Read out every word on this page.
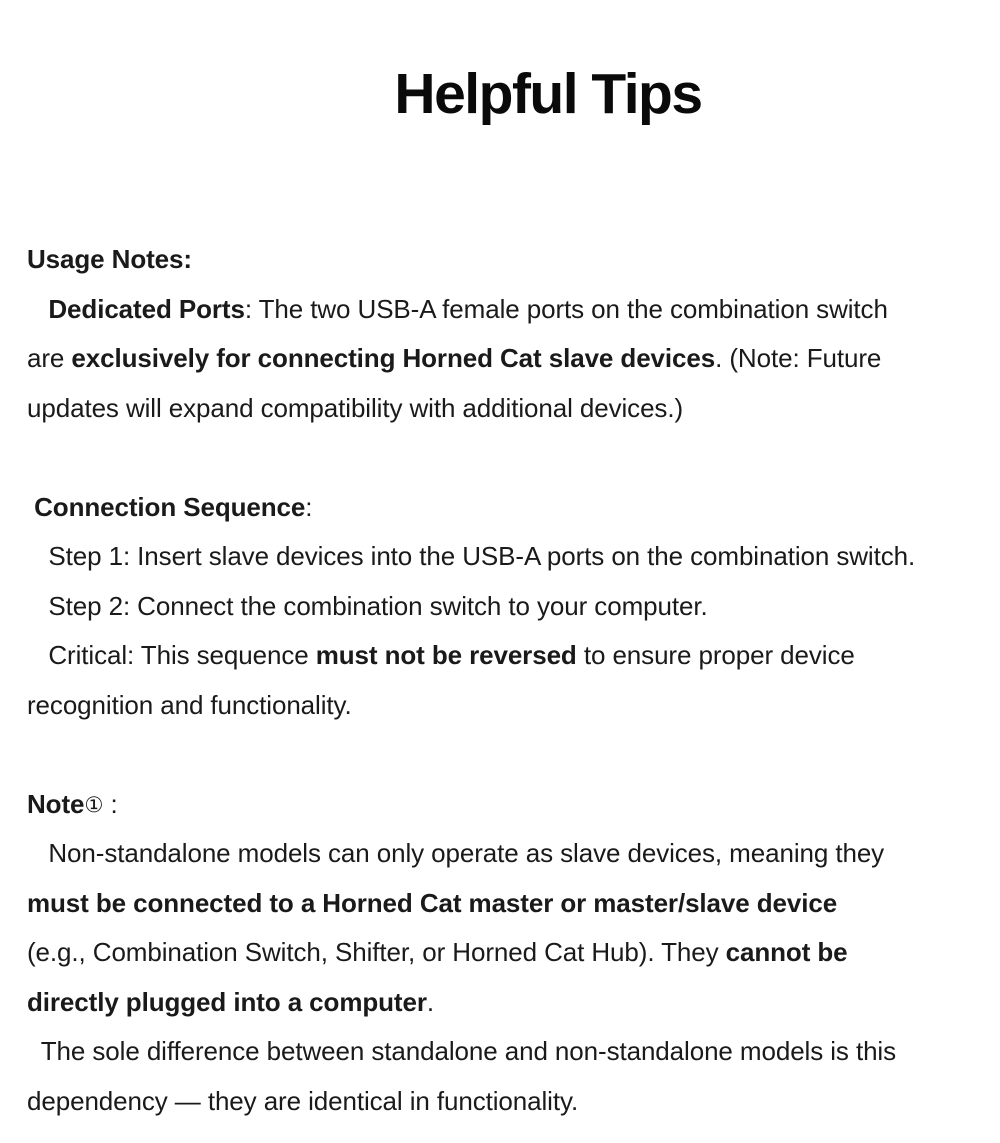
Helpful Tips
Usage Notes:
Dedicated Ports: The two USB-A female ports on the combination switch
are exclusively for connecting Horned Cat slave devices. (Note: Future
updates will expand compatibility with additional devices.)
Connection Sequence:
Step 1: Insert slave devices into the USB-A ports on the combination switch.
Step 2: Connect the combination switch to your computer.
Critical: This sequence must not be reversed to ensure proper device
recognition and functionality.
Note① :
Non-standalone models can only operate as slave devices, meaning they
must be connected to a Horned Cat master or master/slave device
(e.g., Combination Switch, Shifter, or Horned Cat Hub). They cannot be
directly plugged into a computer.
The sole difference between standalone and non-standalone models is this
dependency — they are identical in functionality.
